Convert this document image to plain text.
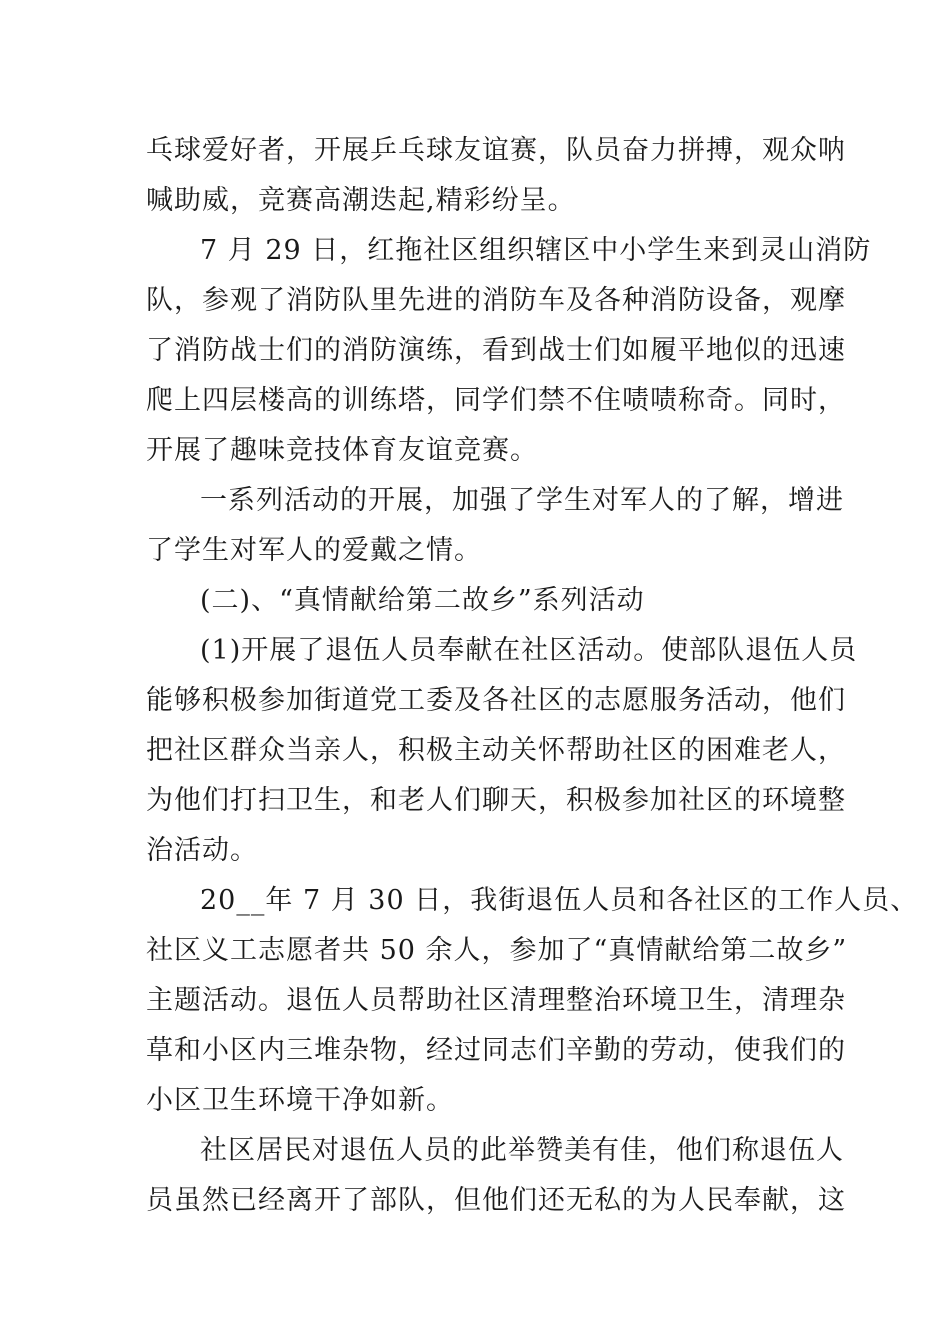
乓球爱好者，开展乒乓球友谊赛，队员奋力拼搏，观众呐
喊助威，竞赛高潮迭起,精彩纷呈。
7 月 29 日，红拖社区组织辖区中小学生来到灵山消防
队，参观了消防队里先进的消防车及各种消防设备，观摩
了消防战士们的消防演练，看到战士们如履平地似的迅速
爬上四层楼高的训练塔，同学们禁不住啧啧称奇。同时，
开展了趣味竞技体育友谊竞赛。
一系列活动的开展，加强了学生对军人的了解，增进
了学生对军人的爱戴之情。
(二)、“真情献给第二故乡”系列活动
(1)开展了退伍人员奉献在社区活动。使部队退伍人员
能够积极参加街道党工委及各社区的志愿服务活动，他们
把社区群众当亲人，积极主动关怀帮助社区的困难老人，
为他们打扫卫生，和老人们聊天，积极参加社区的环境整
治活动。
20__年 7 月 30 日，我街退伍人员和各社区的工作人员、
社区义工志愿者共 50 余人，参加了“真情献给第二故乡”
主题活动。退伍人员帮助社区清理整治环境卫生，清理杂
草和小区内三堆杂物，经过同志们辛勤的劳动，使我们的
小区卫生环境干净如新。
社区居民对退伍人员的此举赞美有佳，他们称退伍人
员虽然已经离开了部队，但他们还无私的为人民奉献，这
